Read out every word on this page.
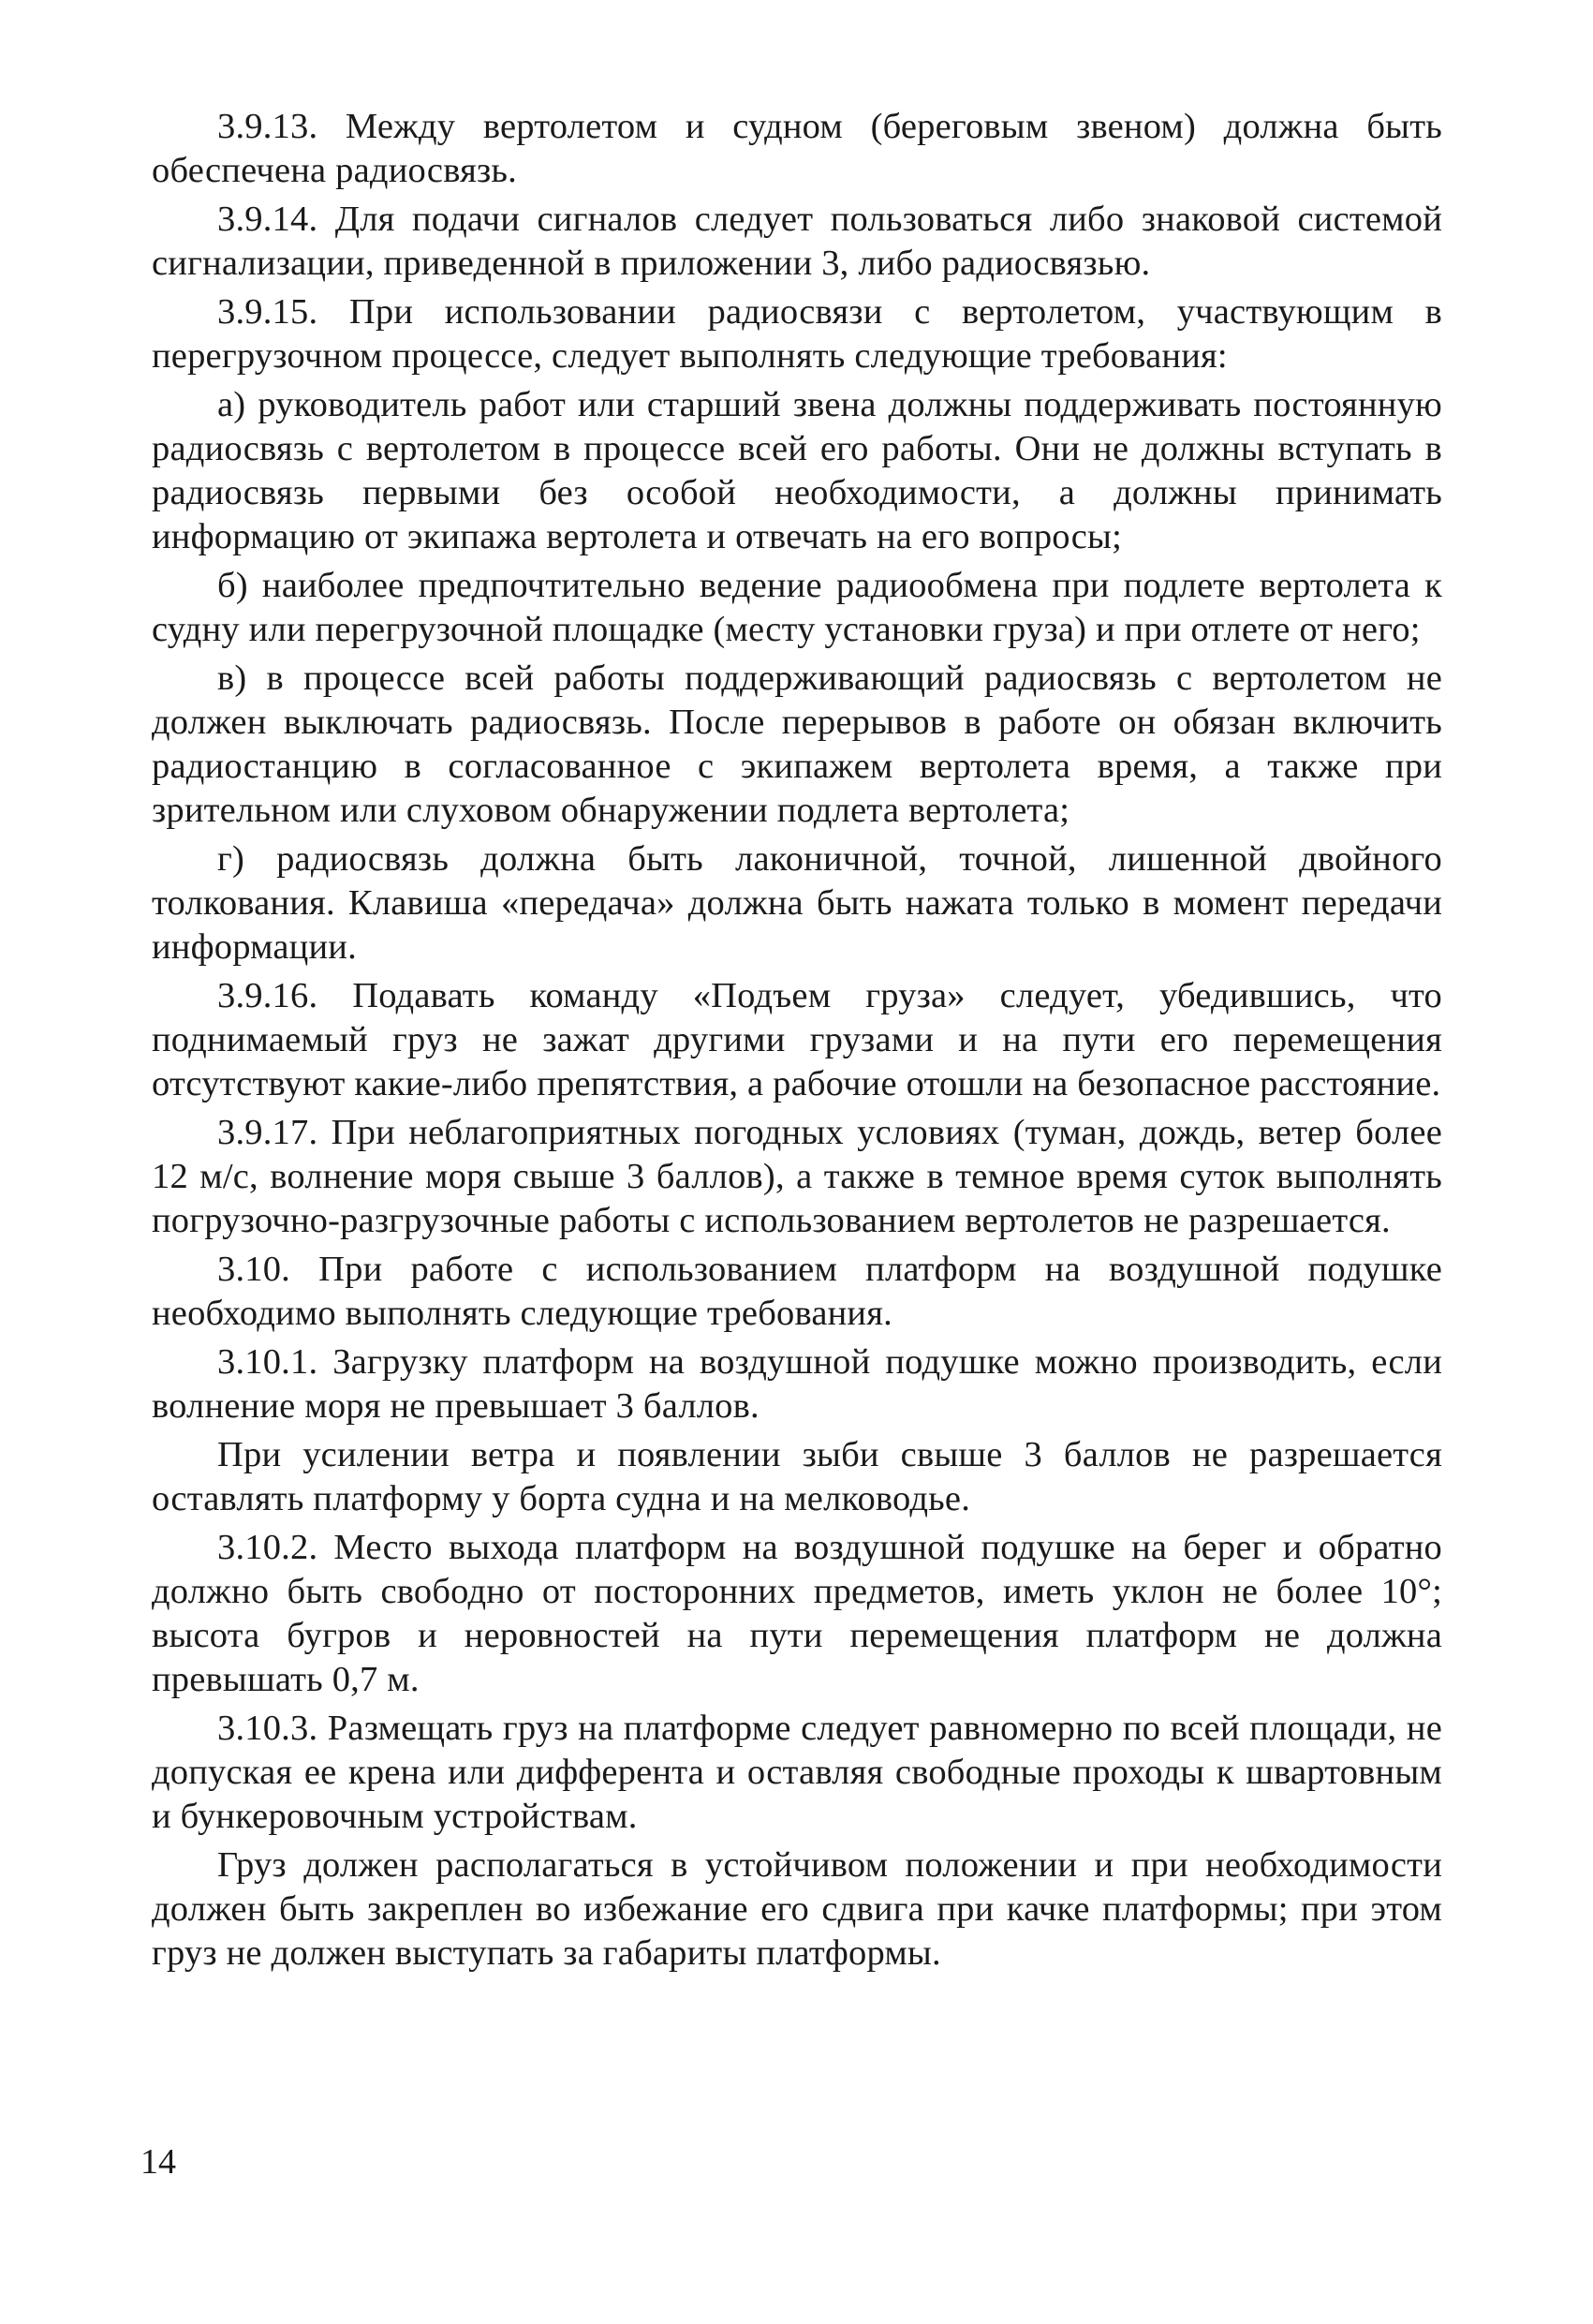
3.9.13. Между вертолетом и судном (береговым звеном) должна быть обеспечена радиосвязь.

3.9.14. Для подачи сигналов следует пользоваться либо знаковой системой сигнализации, приведенной в приложении 3, либо радиосвязью.

3.9.15. При использовании радиосвязи с вертолетом, участвующим в перегрузочном процессе, следует выполнять следующие требования:

а) руководитель работ или старший звена должны поддерживать постоянную радиосвязь с вертолетом в процессе всей его работы. Они не должны вступать в радиосвязь первыми без особой необходимости, а должны принимать информацию от экипажа вертолета и отвечать на его вопросы;

б) наиболее предпочтительно ведение радиообмена при подлете вертолета к судну или перегрузочной площадке (месту установки груза) и при отлете от него;

в) в процессе всей работы поддерживающий радиосвязь с вертолетом не должен выключать радиосвязь. После перерывов в работе он обязан включить радиостанцию в согласованное с экипажем вертолета время, а также при зрительном или слуховом обнаружении подлета вертолета;

г) радиосвязь должна быть лаконичной, точной, лишенной двойного толкования. Клавиша «передача» должна быть нажата только в момент передачи информации.

3.9.16. Подавать команду «Подъем груза» следует, убедившись, что поднимаемый груз не зажат другими грузами и на пути его перемещения отсутствуют какие-либо препятствия, а рабочие отошли на безопасное расстояние.

3.9.17. При неблагоприятных погодных условиях (туман, дождь, ветер более 12 м/с, волнение моря свыше 3 баллов), а также в темное время суток выполнять погрузочно-разгрузочные работы с использованием вертолетов не разрешается.

3.10. При работе с использованием платформ на воздушной подушке необходимо выполнять следующие требования.

3.10.1. Загрузку платформ на воздушной подушке можно производить, если волнение моря не превышает 3 баллов.

При усилении ветра и появлении зыби свыше 3 баллов не разрешается оставлять платформу у борта судна и на мелководье.

3.10.2. Место выхода платформ на воздушной подушке на берег и обратно должно быть свободно от посторонних предметов, иметь уклон не более 10°; высота бугров и неровностей на пути перемещения платформ не должна превышать 0,7 м.

3.10.3. Размещать груз на платформе следует равномерно по всей площади, не допуская ее крена или дифферента и оставляя свободные проходы к швартовным и бункеровочным устройствам.

Груз должен располагаться в устойчивом положении и при необходимости должен быть закреплен во избежание его сдвига при качке платформы; при этом груз не должен выступать за габариты платформы.

14
